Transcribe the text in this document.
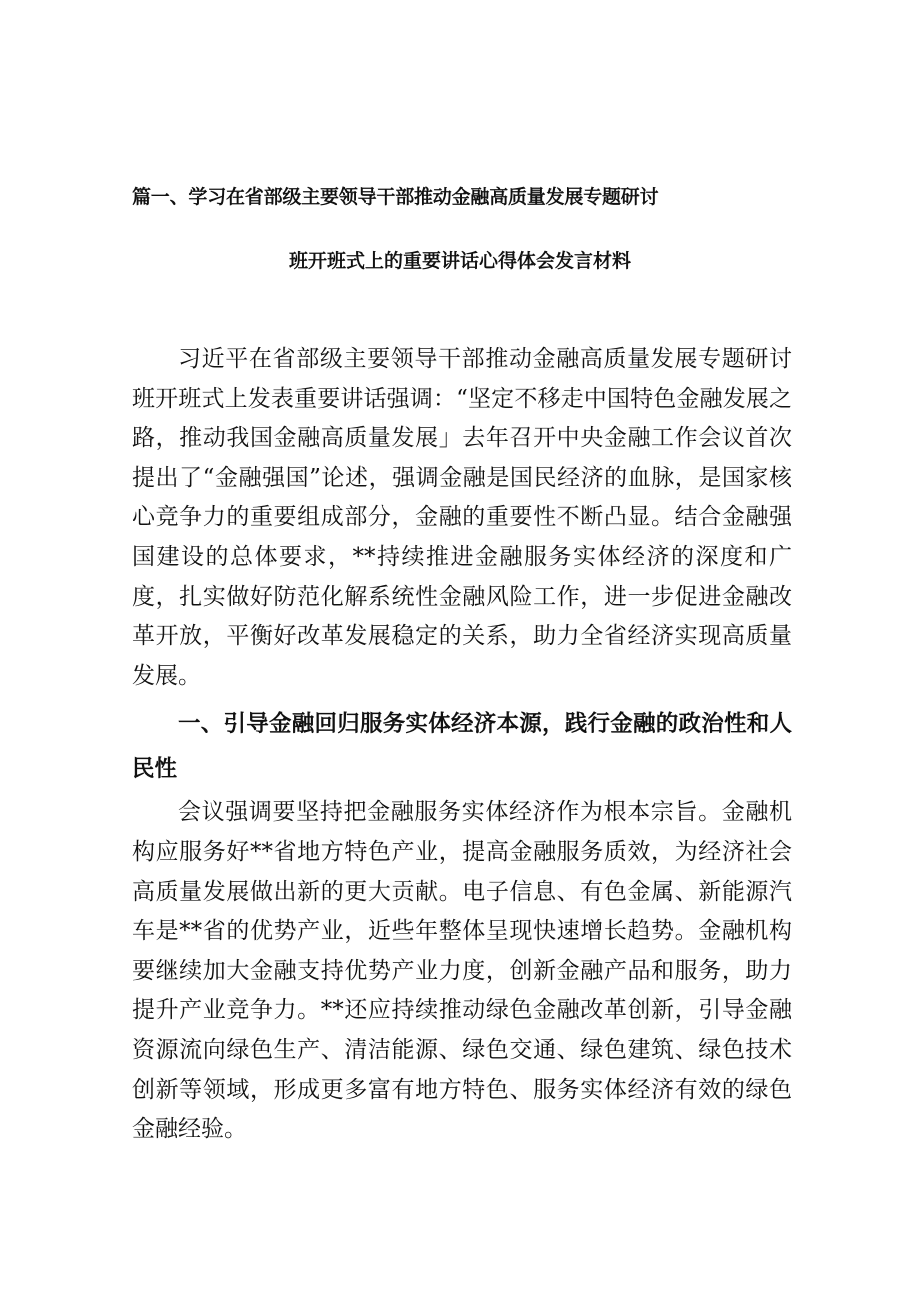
篇一、学习在省部级主要领导干部推动金融高质量发展专题研讨
班开班式上的重要讲话心得体会发言材料

习近平在省部级主要领导干部推动金融高质量发展专题研讨班开班式上发表重要讲话强调：“坚定不移走中国特色金融发展之路，推动我国金融高质量发展」去年召开中央金融工作会议首次提出了“金融强国”论述，强调金融是国民经济的血脉，是国家核心竞争力的重要组成部分，金融的重要性不断凸显。结合金融强国建设的总体要求，**持续推进金融服务实体经济的深度和广度，扎实做好防范化解系统性金融风险工作，进一步促进金融改革开放，平衡好改革发展稳定的关系，助力全省经济实现高质量发展。

一、引导金融回归服务实体经济本源，践行金融的政治性和人民性

会议强调要坚持把金融服务实体经济作为根本宗旨。金融机构应服务好**省地方特色产业，提高金融服务质效，为经济社会高质量发展做出新的更大贡献。电子信息、有色金属、新能源汽车是**省的优势产业，近些年整体呈现快速增长趋势。金融机构要继续加大金融支持优势产业力度，创新金融产品和服务，助力提升产业竞争力。**还应持续推动绿色金融改革创新，引导金融资源流向绿色生产、清洁能源、绿色交通、绿色建筑、绿色技术创新等领域，形成更多富有地方特色、服务实体经济有效的绿色金融经验。
